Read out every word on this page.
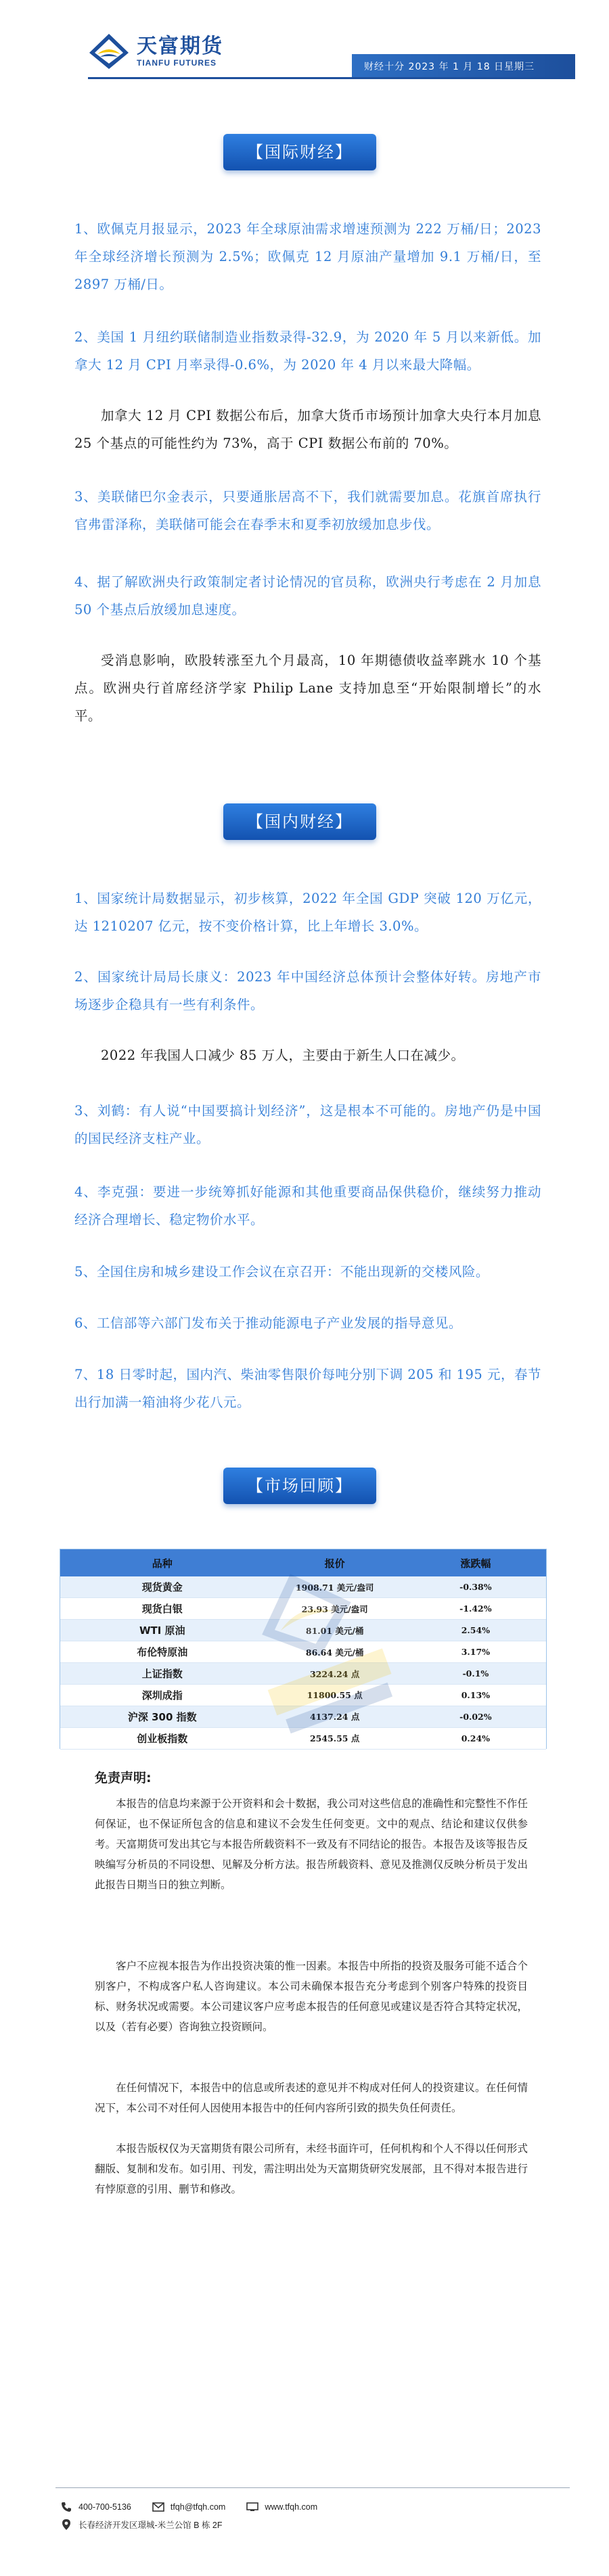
天富期货
TIANFU FUTURES	财经十分 2023 年 1 月 18 日星期三
【国际财经】
1、欧佩克月报显示，2023 年全球原油需求增速预测为 222 万桶/日；2023 年全球经济增长预测为 2.5%；欧佩克 12 月原油产量增加 9.1 万桶/日，至 2897 万桶/日。
2、美国 1 月纽约联储制造业指数录得-32.9，为 2020 年 5 月以来新低。加拿大 12 月 CPI 月率录得-0.6%，为 2020 年 4 月以来最大降幅。
加拿大 12 月 CPI 数据公布后，加拿大货币市场预计加拿大央行本月加息 25 个基点的可能性约为 73%，高于 CPI 数据公布前的 70%。
3、美联储巴尔金表示，只要通胀居高不下，我们就需要加息。花旗首席执行官弗雷泽称，美联储可能会在春季末和夏季初放缓加息步伐。
4、据了解欧洲央行政策制定者讨论情况的官员称，欧洲央行考虑在 2 月加息 50 个基点后放缓加息速度。
受消息影响，欧股转涨至九个月最高，10 年期德债收益率跳水 10 个基点。欧洲央行首席经济学家 Philip Lane 支持加息至“开始限制增长”的水平。
【国内财经】
1、国家统计局数据显示，初步核算，2022 年全国 GDP 突破 120 万亿元，达 1210207 亿元，按不变价格计算，比上年增长 3.0%。
2、国家统计局局长康义：2023 年中国经济总体预计会整体好转。房地产市场逐步企稳具有一些有利条件。
2022 年我国人口减少 85 万人，主要由于新生人口在减少。
3、刘鹤：有人说“中国要搞计划经济”，这是根本不可能的。房地产仍是中国的国民经济支柱产业。
4、李克强：要进一步统筹抓好能源和其他重要商品保供稳价，继续努力推动经济合理增长、稳定物价水平。
5、全国住房和城乡建设工作会议在京召开：不能出现新的交楼风险。
6、工信部等六部门发布关于推动能源电子产业发展的指导意见。
7、18 日零时起，国内汽、柴油零售限价每吨分别下调 205 和 195 元，春节出行加满一箱油将少花八元。
【市场回顾】
品种	报价	涨跌幅
现货黄金	1908.71 美元/盎司	-0.38%
现货白银	23.93 美元/盎司	-1.42%
WTI 原油	81.01 美元/桶	2.54%
布伦特原油	86.64 美元/桶	3.17%
上证指数	3224.24 点	-0.1%
深圳成指	11800.55 点	0.13%
沪深 300 指数	4137.24 点	-0.02%
创业板指数	2545.55 点	0.24%
免责声明:
本报告的信息均来源于公开资料和会十数据，我公司对这些信息的准确性和完整性不作任何保证，也不保证所包含的信息和建议不会发生任何变更。文中的观点、结论和建议仅供参考。天富期货可发出其它与本报告所载资料不一致及有不同结论的报告。本报告及该等报告反映编写分析员的不同设想、见解及分析方法。报告所载资料、意见及推测仅反映分析员于发出此报告日期当日的独立判断。
客户不应视本报告为作出投资决策的惟一因素。本报告中所指的投资及服务可能不适合个别客户，不构成客户私人咨询建议。本公司未确保本报告充分考虑到个别客户特殊的投资目标、财务状况或需要。本公司建议客户应考虑本报告的任何意见或建议是否符合其特定状况，以及（若有必要）咨询独立投资顾问。
在任何情况下，本报告中的信息或所表述的意见并不构成对任何人的投资建议。在任何情况下，本公司不对任何人因使用本报告中的任何内容所引致的损失负任何责任。
本报告版权仅为天富期货有限公司所有，未经书面许可，任何机构和个人不得以任何形式翻版、复制和发布。如引用、刊发，需注明出处为天富期货研究发展部，且不得对本报告进行有悖原意的引用、删节和修改。
400-700-5136	tfqh@tfqh.com	www.tfqh.com
长春经济开发区璟城-米兰公馆 B 栋 2F
